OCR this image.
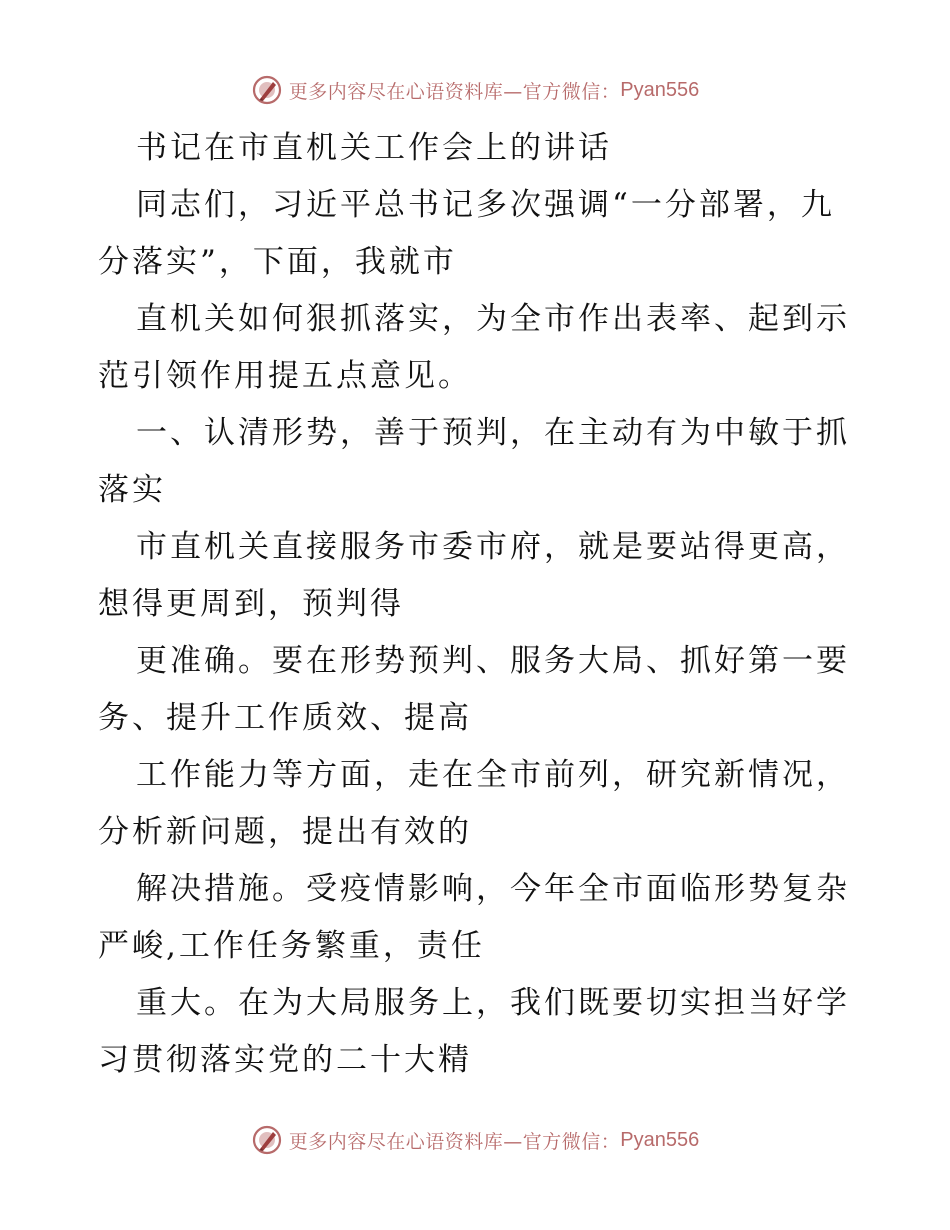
更多内容尽在心语资料库—官方微信： Pyan556
书记在市直机关工作会上的讲话
同志们，习近平总书记多次强调“一分部署，九
分落实”，下面，我就市
直机关如何狠抓落实，为全市作出表率、起到示
范引领作用提五点意见。
一、认清形势，善于预判，在主动有为中敏于抓
落实
市直机关直接服务市委市府，就是要站得更高，
想得更周到，预判得
更准确。要在形势预判、服务大局、抓好第一要
务、提升工作质效、提高
工作能力等方面，走在全市前列，研究新情况，
分析新问题，提出有效的
解决措施。受疫情影响，今年全市面临形势复杂
严峻,工作任务繁重，责任
重大。在为大局服务上，我们既要切实担当好学
习贯彻落实党的二十大精
更多内容尽在心语资料库—官方微信： Pyan556
